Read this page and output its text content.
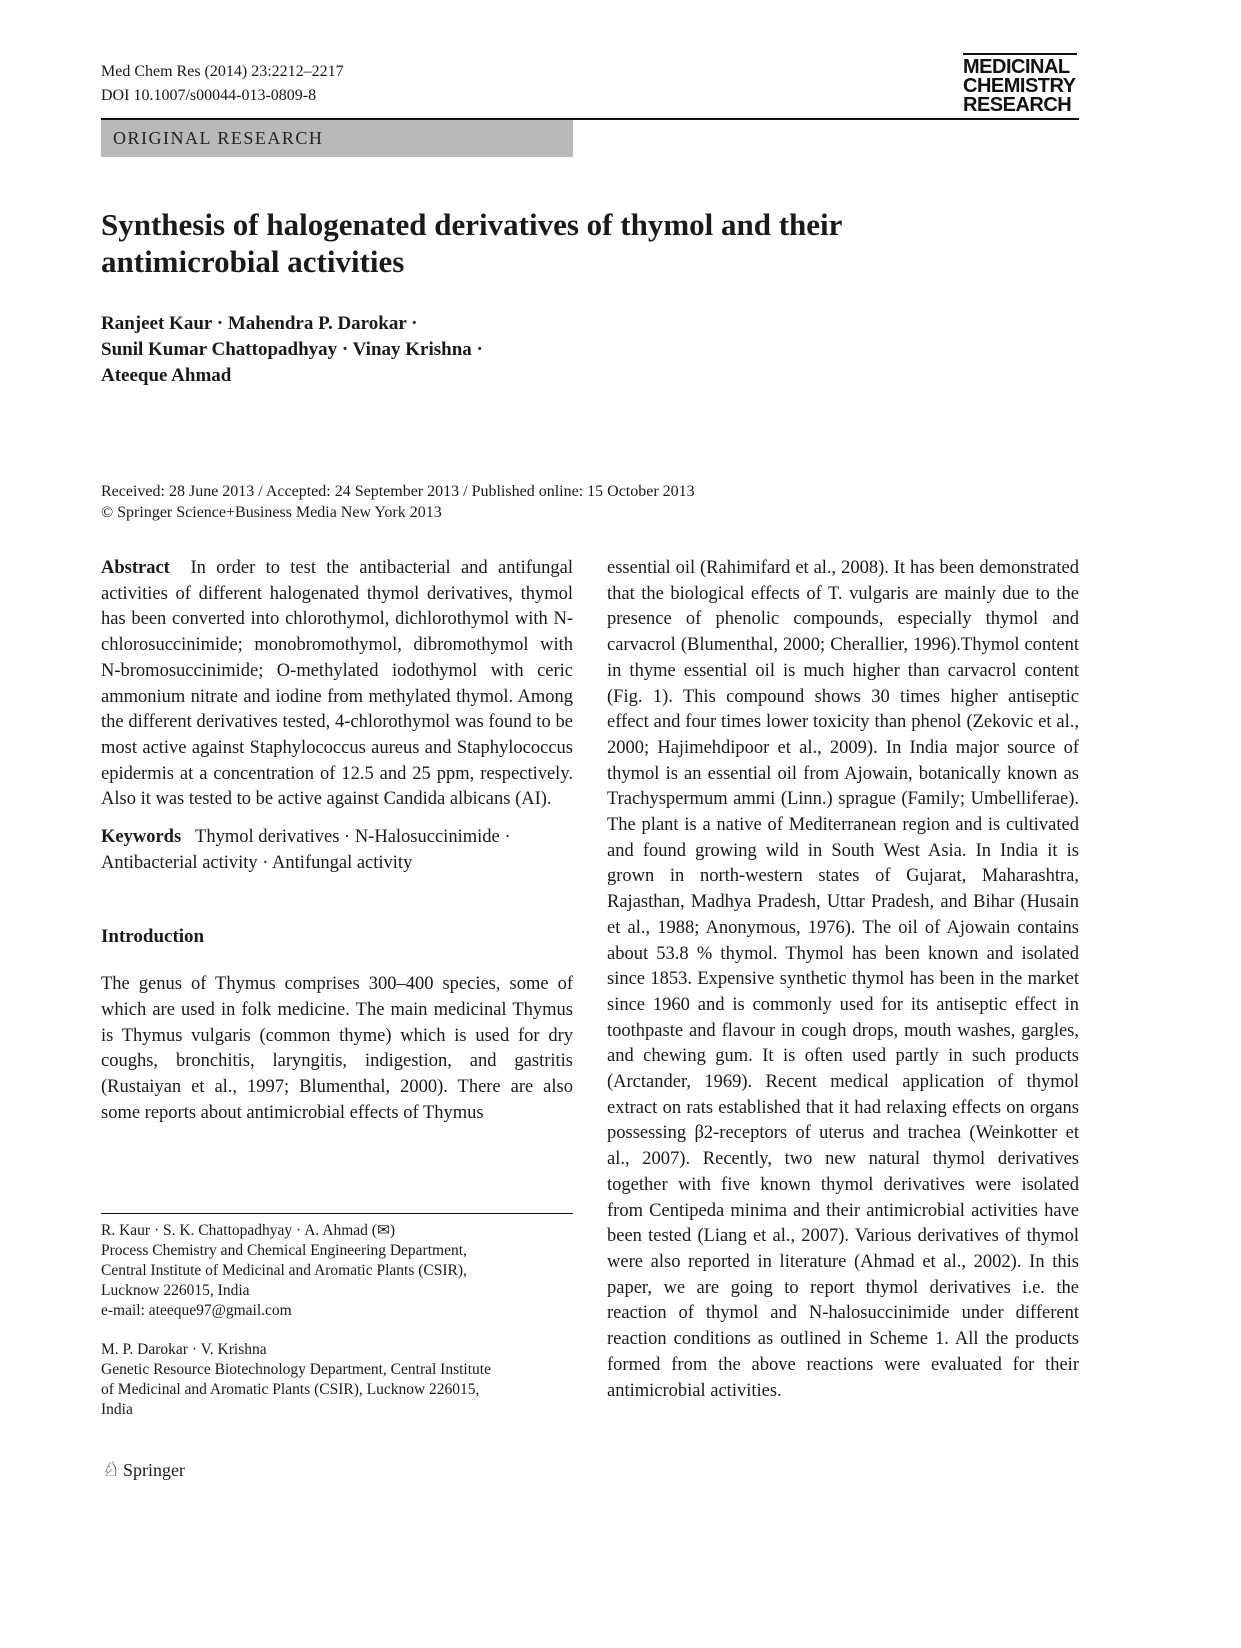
Med Chem Res (2014) 23:2212–2217
DOI 10.1007/s00044-013-0809-8
MEDICINAL
CHEMISTRY
RESEARCH
ORIGINAL RESEARCH
Synthesis of halogenated derivatives of thymol and their
antimicrobial activities
Ranjeet Kaur · Mahendra P. Darokar ·
Sunil Kumar Chattopadhyay · Vinay Krishna ·
Ateeque Ahmad
Received: 28 June 2013 / Accepted: 24 September 2013 / Published online: 15 October 2013
© Springer Science+Business Media New York 2013

Abstract In order to test the antibacterial and antifungal activities of different halogenated thymol derivatives, thymol has been converted into chlorothymol, dichlorothymol with N-chlorosuccinimide; monobromothymol, dibromothymol with N-bromosuccinimide; O-methylated iodothymol with ceric ammonium nitrate and iodine from methylated thymol. Among the different derivatives tested, 4-chlorothymol was found to be most active against Staphylococcus aureus and Staphylococcus epidermis at a concentration of 12.5 and 25 ppm, respectively. Also it was tested to be active against Candida albicans (AI).

Keywords Thymol derivatives · N-Halosuccinimide · Antibacterial activity · Antifungal activity

Introduction

The genus of Thymus comprises 300–400 species, some of which are used in folk medicine. The main medicinal Thymus is Thymus vulgaris (common thyme) which is used for dry coughs, bronchitis, laryngitis, indigestion, and gastritis (Rustaiyan et al., 1997; Blumenthal, 2000). There are also some reports about antimicrobial effects of Thymus

R. Kaur · S. K. Chattopadhyay · A. Ahmad (✉)
Process Chemistry and Chemical Engineering Department,
Central Institute of Medicinal and Aromatic Plants (CSIR),
Lucknow 226015, India
e-mail: ateeque97@gmail.com
M. P. Darokar · V. Krishna
Genetic Resource Biotechnology Department, Central Institute
of Medicinal and Aromatic Plants (CSIR), Lucknow 226015,
India

essential oil (Rahimifard et al., 2008). It has been demonstrated that the biological effects of T. vulgaris are mainly due to the presence of phenolic compounds, especially thymol and carvacrol (Blumenthal, 2000; Cherallier, 1996).Thymol content in thyme essential oil is much higher than carvacrol content (Fig. 1). This compound shows 30 times higher antiseptic effect and four times lower toxicity than phenol (Zekovic et al., 2000; Hajimehdipoor et al., 2009). In India major source of thymol is an essential oil from Ajowain, botanically known as Trachyspermum ammi (Linn.) sprague (Family; Umbelliferae). The plant is a native of Mediterranean region and is cultivated and found growing wild in South West Asia. In India it is grown in north-western states of Gujarat, Maharashtra, Rajasthan, Madhya Pradesh, Uttar Pradesh, and Bihar (Husain et al., 1988; Anonymous, 1976). The oil of Ajowain contains about 53.8 % thymol. Thymol has been known and isolated since 1853. Expensive synthetic thymol has been in the market since 1960 and is commonly used for its antiseptic effect in toothpaste and flavour in cough drops, mouth washes, gargles, and chewing gum. It is often used partly in such products (Arctander, 1969). Recent medical application of thymol extract on rats established that it had relaxing effects on organs possessing β2-receptors of uterus and trachea (Weinkotter et al., 2007). Recently, two new natural thymol derivatives together with five known thymol derivatives were isolated from Centipeda minima and their antimicrobial activities have been tested (Liang et al., 2007). Various derivatives of thymol were also reported in literature (Ahmad et al., 2002). In this paper, we are going to report thymol derivatives i.e. the reaction of thymol and N-halosuccinimide under different reaction conditions as outlined in Scheme 1. All the products formed from the above reactions were evaluated for their antimicrobial activities.

♘ Springer
